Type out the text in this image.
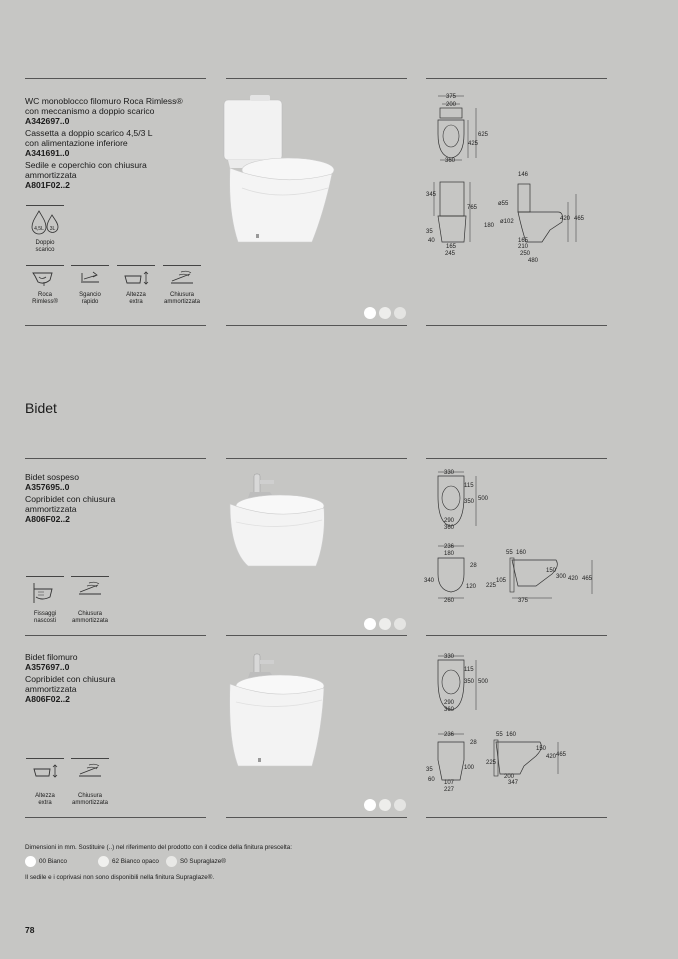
WC monoblocco filomuro Roca Rimless®
con meccanismo a doppio scarico
A342697..0
Cassetta a doppio scarico 4,5/3 L
con alimentazione inferiore
A341691..0
Sedile e coperchio con chiusura
ammortizzata
A801F02..2
4,5L 3L
Doppio scarico
Roca
Rimless®
Sgancio
rapido
Altezza
extra
Chiusura
ammortizzata
375
200
625
425
360
345
765
35
40
165
245
146
ø55
ø102
180
420 465
165
210
250
480
Bidet
Bidet sospeso
A357695..0
Copribidet con chiusura
ammortizzata
A806F02..2
Fissaggi
nascosti
Chiusura
ammortizzata
330
115
350 500
290
360
236
180
28
340
120
260
55 160
150
300 420 465
225
105
375
Bidet filomuro
A357697..0
Copribidet con chiusura
ammortizzata
A806F02..2
Altezza
extra
Chiusura
ammortizzata
330
115
350 500
290
360
236
28
35	100
60 107
227
55 160
150
420 465
225
200
347
Dimensioni in mm. Sostituire (..) nel riferimento del prodotto con il codice della finitura prescelta:
00 Bianco	62 Bianco opaco	S0 Supraglaze®
Il sedile e i coprivasi non sono disponibili nella finitura Supraglaze®.
78
